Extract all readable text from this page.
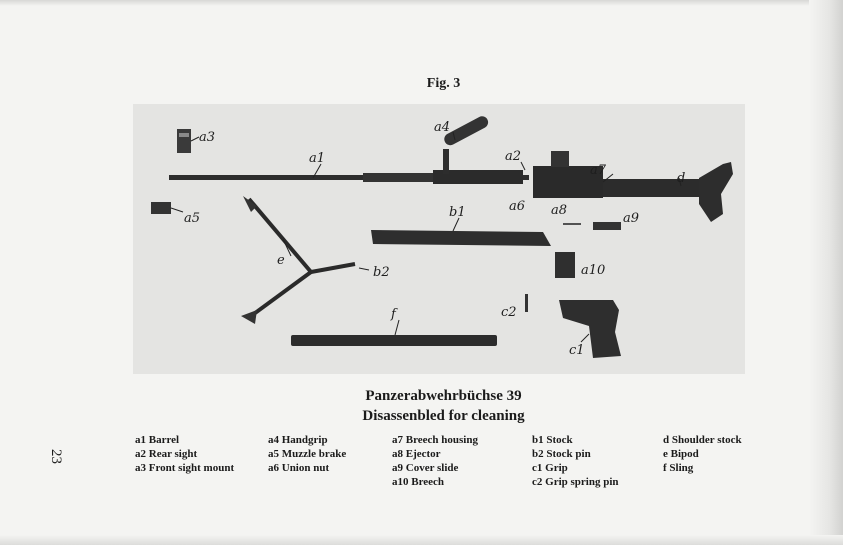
Fig. 3
a3
a1
a4
a2
a7
d
a6
a5	b1	a8
a9
a10
e
b2
c2
c1
f
Panzerabwehrbüchse 39
Disassenbled for cleaning
a1 Barrel
a2 Rear sight
a3 Front sight mount
a4 Handgrip
a5 Muzzle brake
a6 Union nut
a7 Breech housing
a8 Ejector
a9 Cover slide
a10 Breech
b1 Stock
b2 Stock pin
c1 Grip
c2 Grip spring pin
d Shoulder stock
e Bipod
f Sling
23
